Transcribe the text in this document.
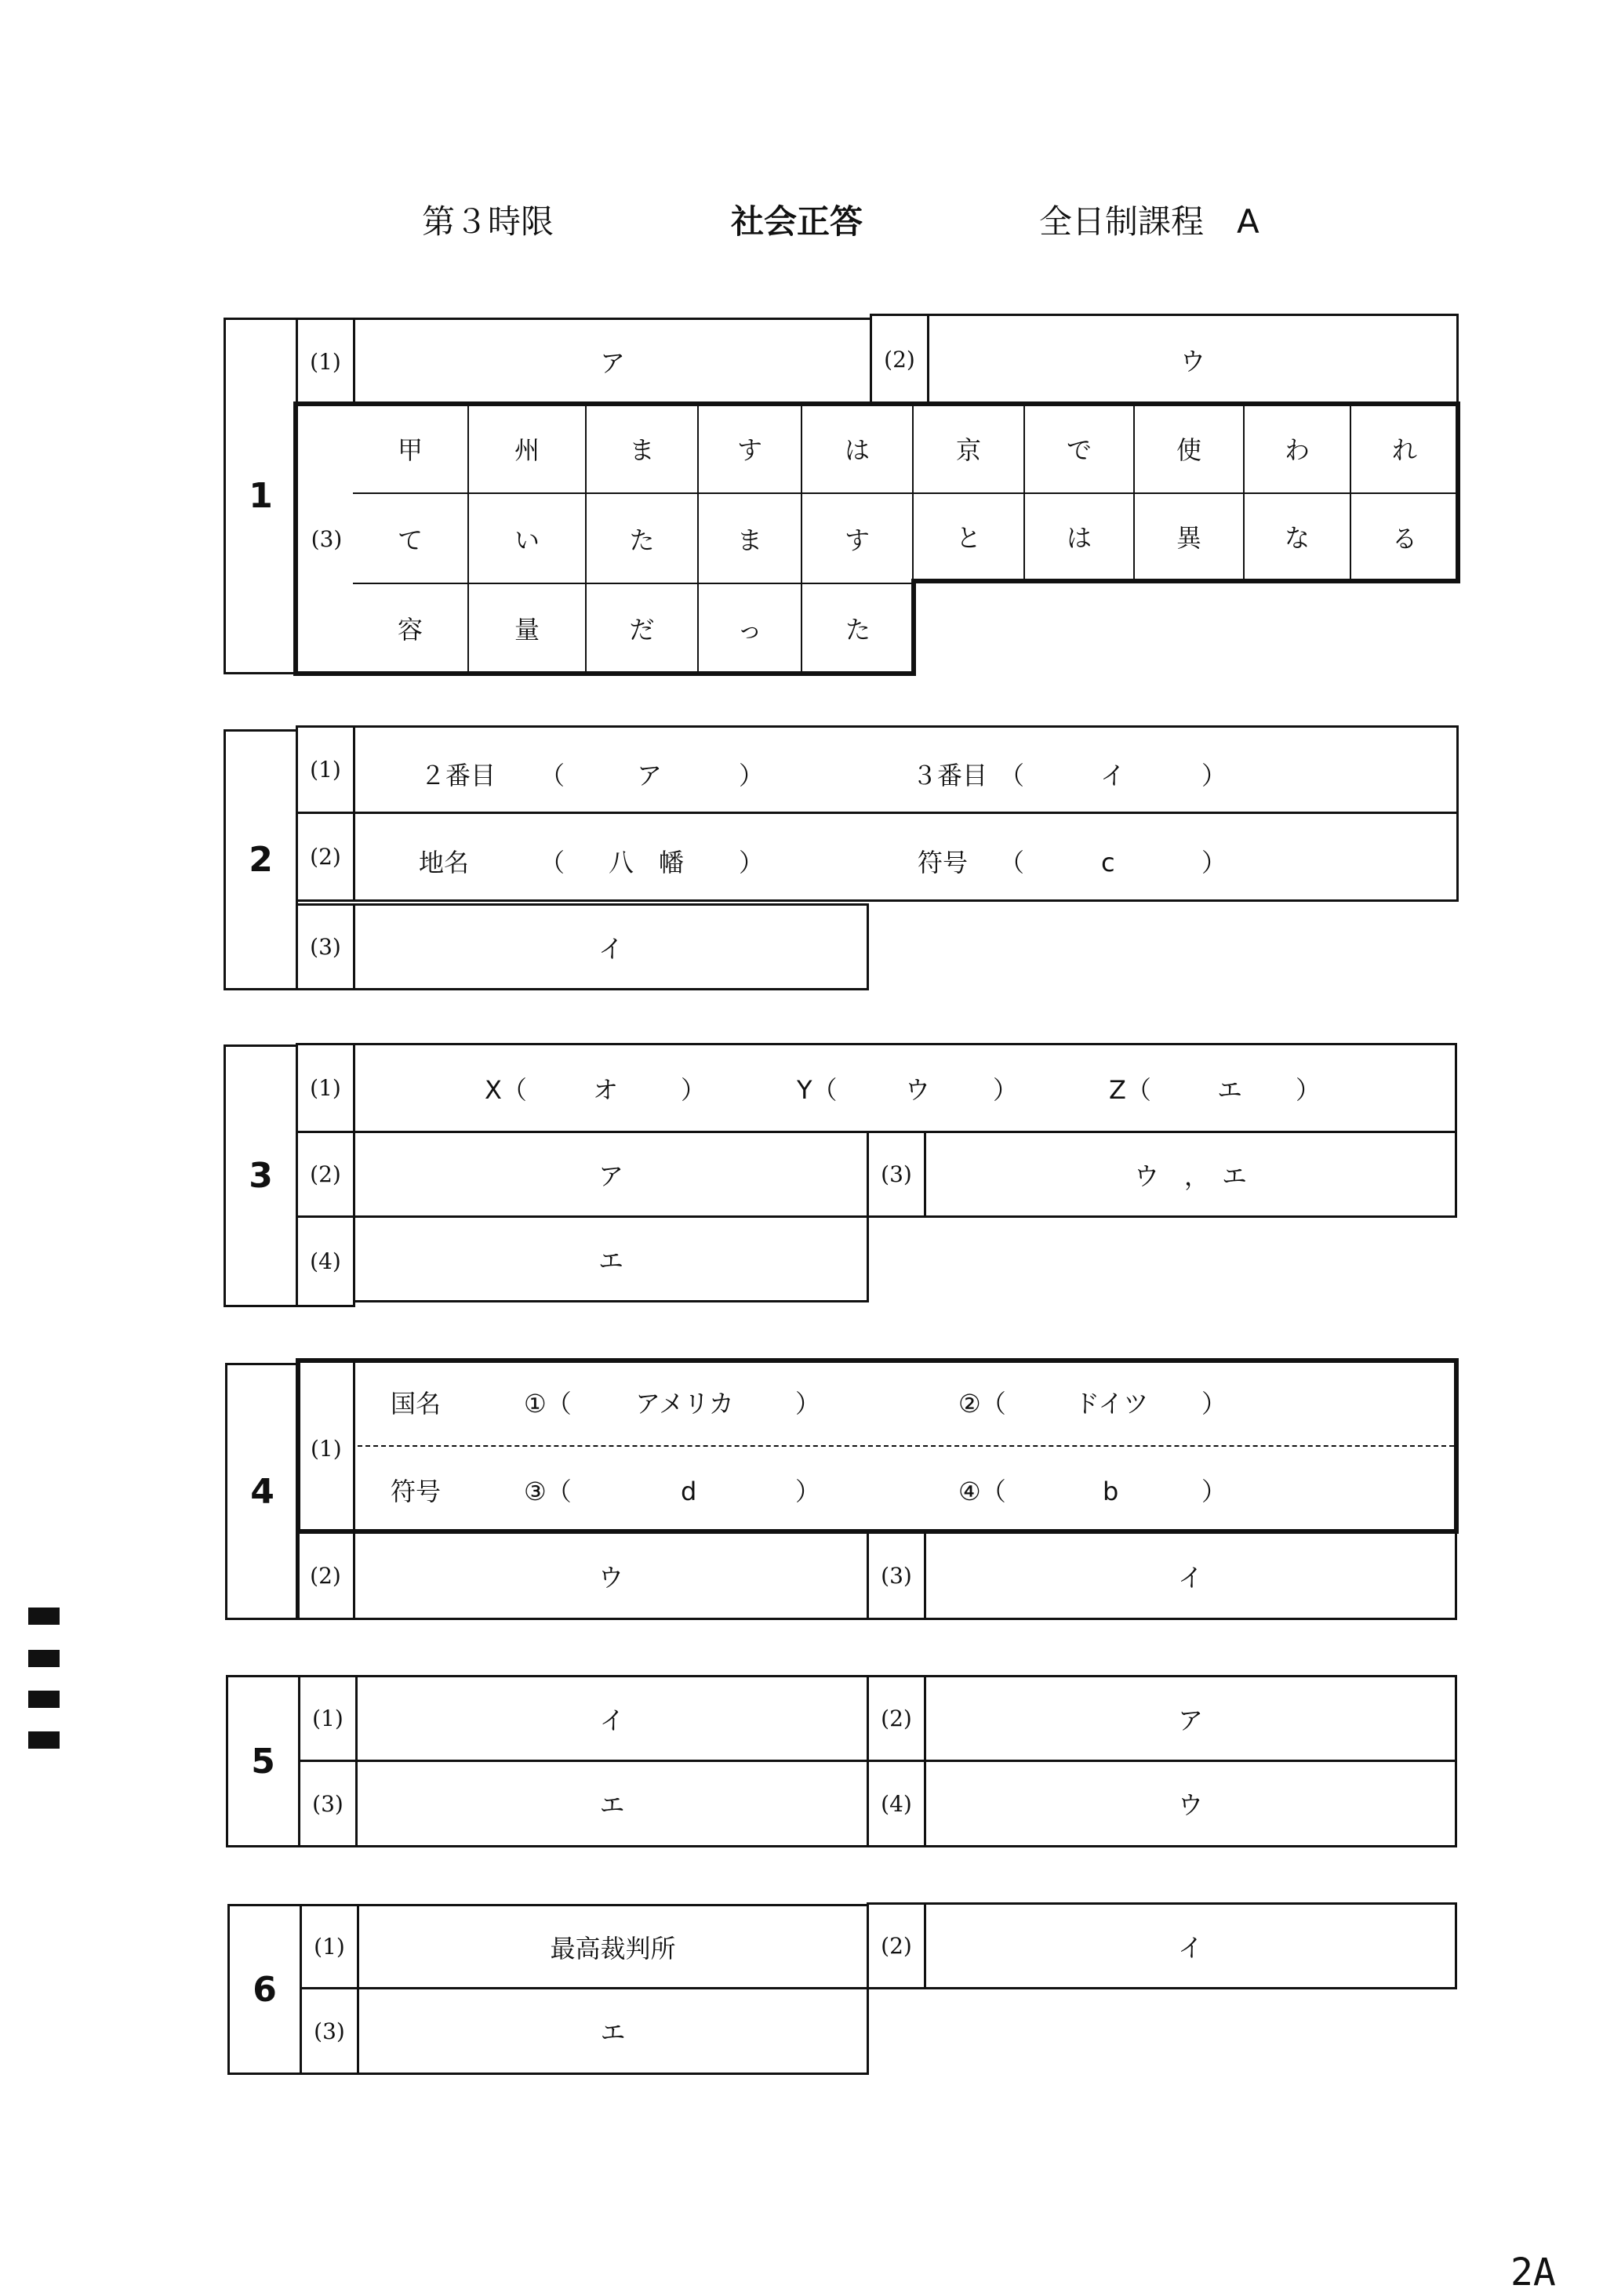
第３時限	社会正答	全日制課程　A
1
(1)	ア	(2)	ウ
(3)
甲	州	ま	す	は	京	で	使	わ	れ
て	い	た	ま	す	と	は	異	な	る
容	量	だ	っ	た
2
(1)	２番目 （	ア	）	３番目 （	イ	）
(2)	地名	（ 八　幡 ）	符号 （	c	）
(3)	イ
3
(1)	X（	オ ）	Y（	ウ ）	Z（	エ ）
(2)	ア	(3)	ウ　，　エ
(4)	エ
4
(1)
国名	①（	アメリカ ）	②（	ドイツ ）
符号	③（	d	）	④（	b	）
(2)	ウ	(3)	イ
5
(1)	イ	(2)	ア
(3)	エ	(4)	ウ
6
(1)	最高裁判所	(2)	イ
(3)	エ
2A
